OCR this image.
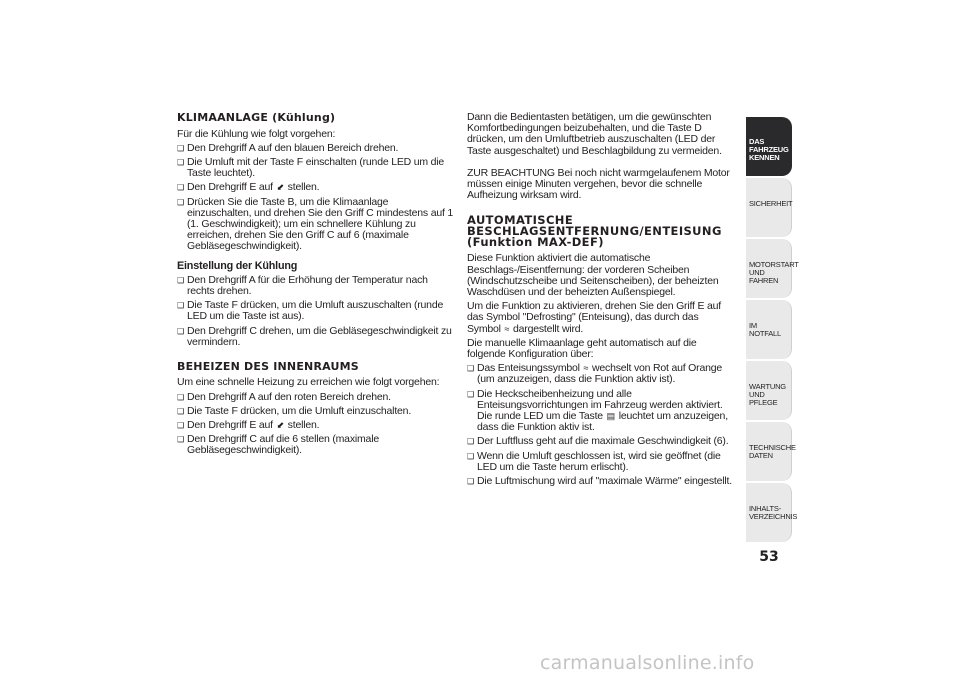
KLIMAANLAGE (Kühlung)

Für die Kühlung wie folgt vorgehen:

❑ Den Drehgriff A auf den blauen Bereich drehen.
❑ Die Umluft mit der Taste F einschalten (runde LED um die Taste leuchtet).
❑ Den Drehgriff E auf ⬋ stellen.
❑ Drücken Sie die Taste B, um die Klimaanlage einzuschalten, und drehen Sie den Griff C mindestens auf 1 (1. Geschwindigkeit); um ein schnellere Kühlung zu erreichen, drehen Sie den Griff C auf 6 (maximale Gebläsegeschwindigkeit).
Einstellung der Kühlung
❑ Den Drehgriff A für die Erhöhung der Temperatur nach rechts drehen.
❑ Die Taste F drücken, um die Umluft auszuschalten (runde LED um die Taste ist aus).
❑ Den Drehgriff C drehen, um die Gebläsegeschwindigkeit zu vermindern.
BEHEIZEN DES INNENRAUMS

Um eine schnelle Heizung zu erreichen wie folgt vorgehen:

❑ Den Drehgriff A auf den roten Bereich drehen.
❑ Die Taste F drücken, um die Umluft einzuschalten.
❑ Den Drehgriff E auf ⬋ stellen.
❑ Den Drehgriff C auf die 6 stellen (maximale Gebläsegeschwindigkeit).

Dann die Bedientasten betätigen, um die gewünschten Komfortbedingungen beizubehalten, und die Taste D drücken, um den Umluftbetrieb auszuschalten (LED der Taste ausgeschaltet) und Beschlagbildung zu vermeiden.

ZUR BEACHTUNG Bei noch nicht warmgelaufenem Motor müssen einige Minuten vergehen, bevor die schnelle Aufheizung wirksam wird.

AUTOMATISCHE BESCHLAGSENTFERNUNG/ENTEISUNG (Funktion MAX-DEF)

Diese Funktion aktiviert die automatische Beschlags-/Eisentfernung: der vorderen Scheiben (Windschutzscheibe und Seitenscheiben), der beheizten Waschdüsen und der beheizten Außenspiegel.

Um die Funktion zu aktivieren, drehen Sie den Griff E auf das Symbol "Defrosting" (Enteisung), das durch das Symbol ≈ dargestellt wird.

Die manuelle Klimaanlage geht automatisch auf die folgende Konfiguration über:

❑ Das Enteisungssymbol ≈ wechselt von Rot auf Orange (um anzuzeigen, dass die Funktion aktiv ist).
❑ Die Heckscheibenheizung und alle Enteisungsvorrichtungen im Fahrzeug werden aktiviert. Die runde LED um die Taste ▤ leuchtet um anzuzeigen, dass die Funktion aktiv ist.
❑ Der Luftfluss geht auf die maximale Geschwindigkeit (6).
❑ Wenn die Umluft geschlossen ist, wird sie geöffnet (die LED um die Taste herum erlischt).
❑ Die Luftmischung wird auf "maximale Wärme" eingestellt.
DAS FAHRZEUG KENNEN
SICHERHEIT
MOTORSTART UND FAHREN
IM NOTFALL
WARTUNG UND PFLEGE
TECHNISCHE DATEN
INHALTS-VERZEICHNIS
53
carmanualsonline.info
